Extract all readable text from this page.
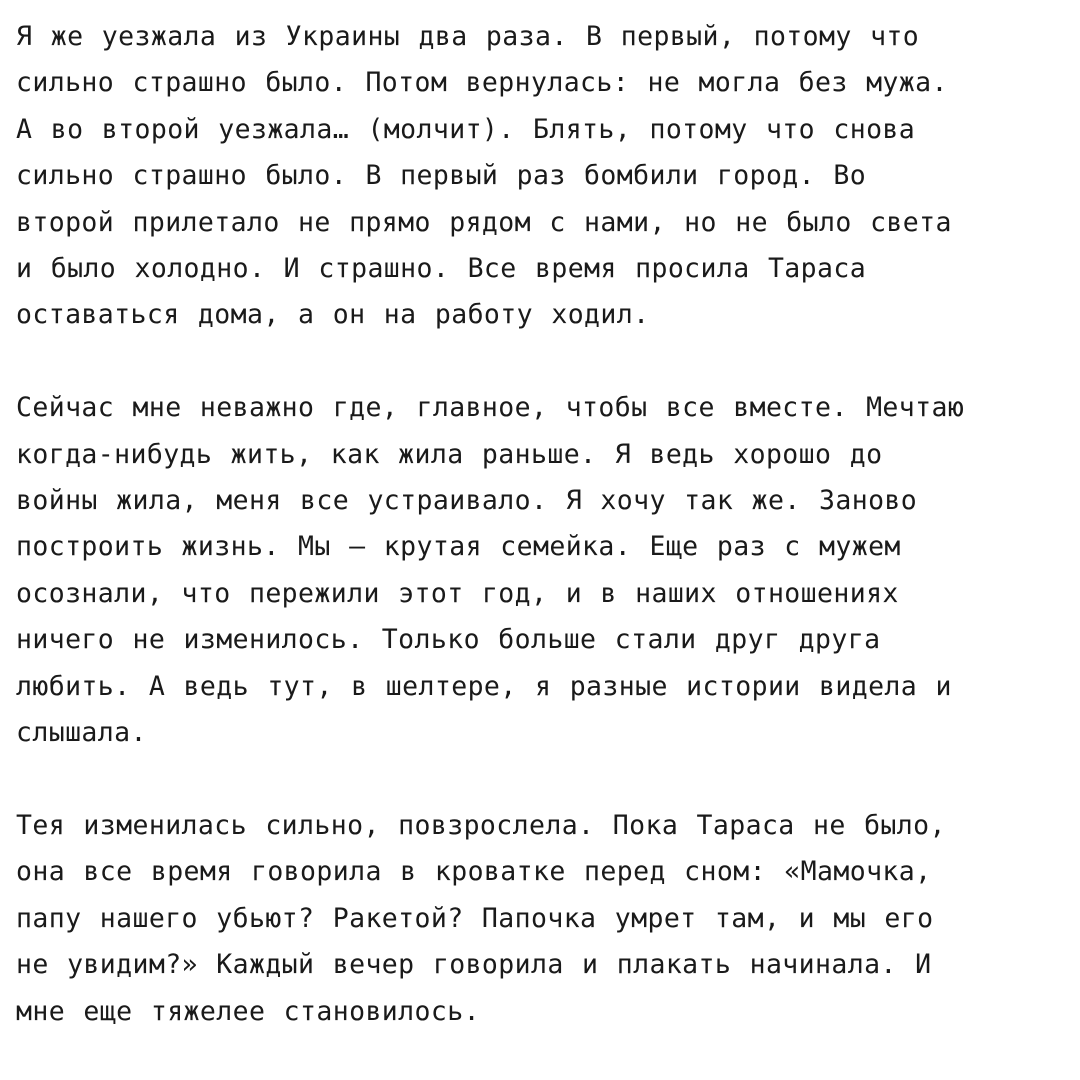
Я же уезжала из Украины два раза. В первый, потому что
сильно страшно было. Потом вернулась: не могла без мужа.
А во второй уезжала… (молчит). Блять, потому что снова
сильно страшно было. В первый раз бомбили город. Во
второй прилетало не прямо рядом с нами, но не было света
и было холодно. И страшно. Все время просила Тараса
оставаться дома, а он на работу ходил.
Сейчас мне неважно где, главное, чтобы все вместе. Мечтаю
когда-нибудь жить, как жила раньше. Я ведь хорошо до
войны жила, меня все устраивало. Я хочу так же. Заново
построить жизнь. Мы — крутая семейка. Еще раз с мужем
осознали, что пережили этот год, и в наших отношениях
ничего не изменилось. Только больше стали друг друга
любить. А ведь тут, в шелтере, я разные истории видела и
слышала.
Тея изменилась сильно, повзрослела. Пока Тараса не было,
она все время говорила в кроватке перед сном: «Мамочка,
папу нашего убьют? Ракетой? Папочка умрет там, и мы его
не увидим?» Каждый вечер говорила и плакать начинала. И
мне еще тяжелее становилось.
